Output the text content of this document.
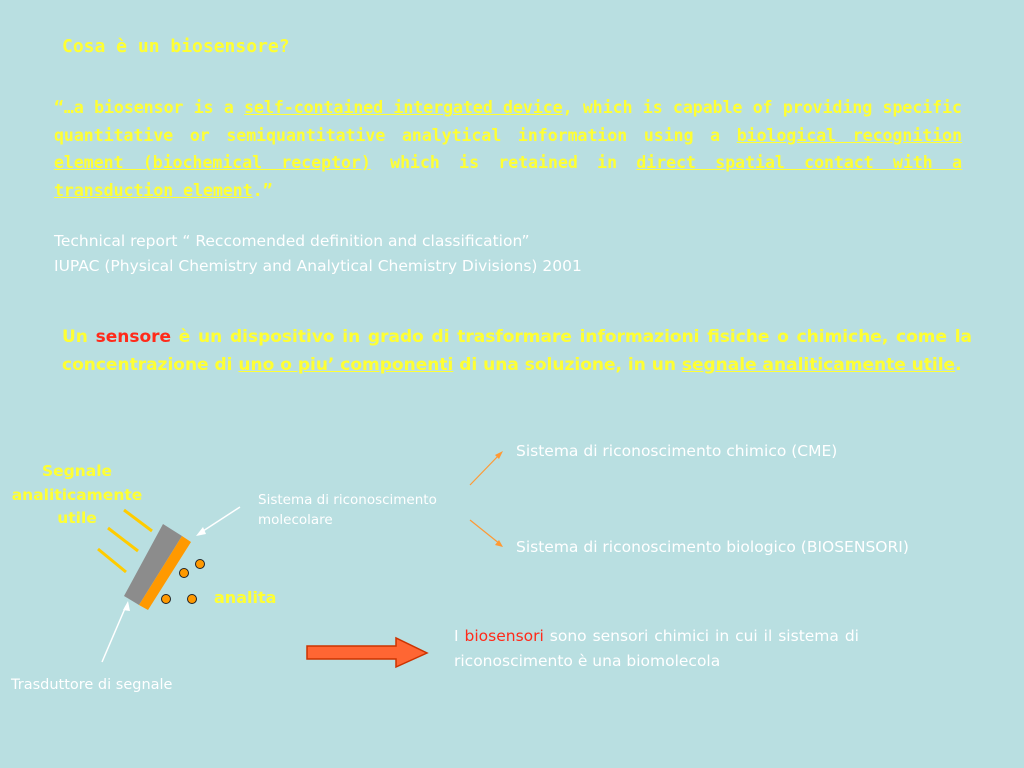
Cosa è un biosensore?
“…a biosensor is a self-contained intergated device, which is capable of providing specific quantitative or semiquantitative analytical information using a biological recognition element (biochemical receptor) which is retained in direct spatial contact with a transduction element.”
Technical report “ Reccomended definition and classification”
IUPAC (Physical Chemistry and Analytical Chemistry Divisions) 2001
Un sensore è un dispositivo in grado di trasformare informazioni fisiche o chimiche, come la concentrazione di uno o piu’ componenti di una soluzione, in un segnale analiticamente utile.
Segnale
analiticamente
utile
Sistema di riconoscimento
molecolare
analita
Trasduttore di segnale
Sistema di riconoscimento chimico (CME)
Sistema di riconoscimento biologico (BIOSENSORI)
I biosensori sono sensori chimici in cui il sistema di riconoscimento è una biomolecola
